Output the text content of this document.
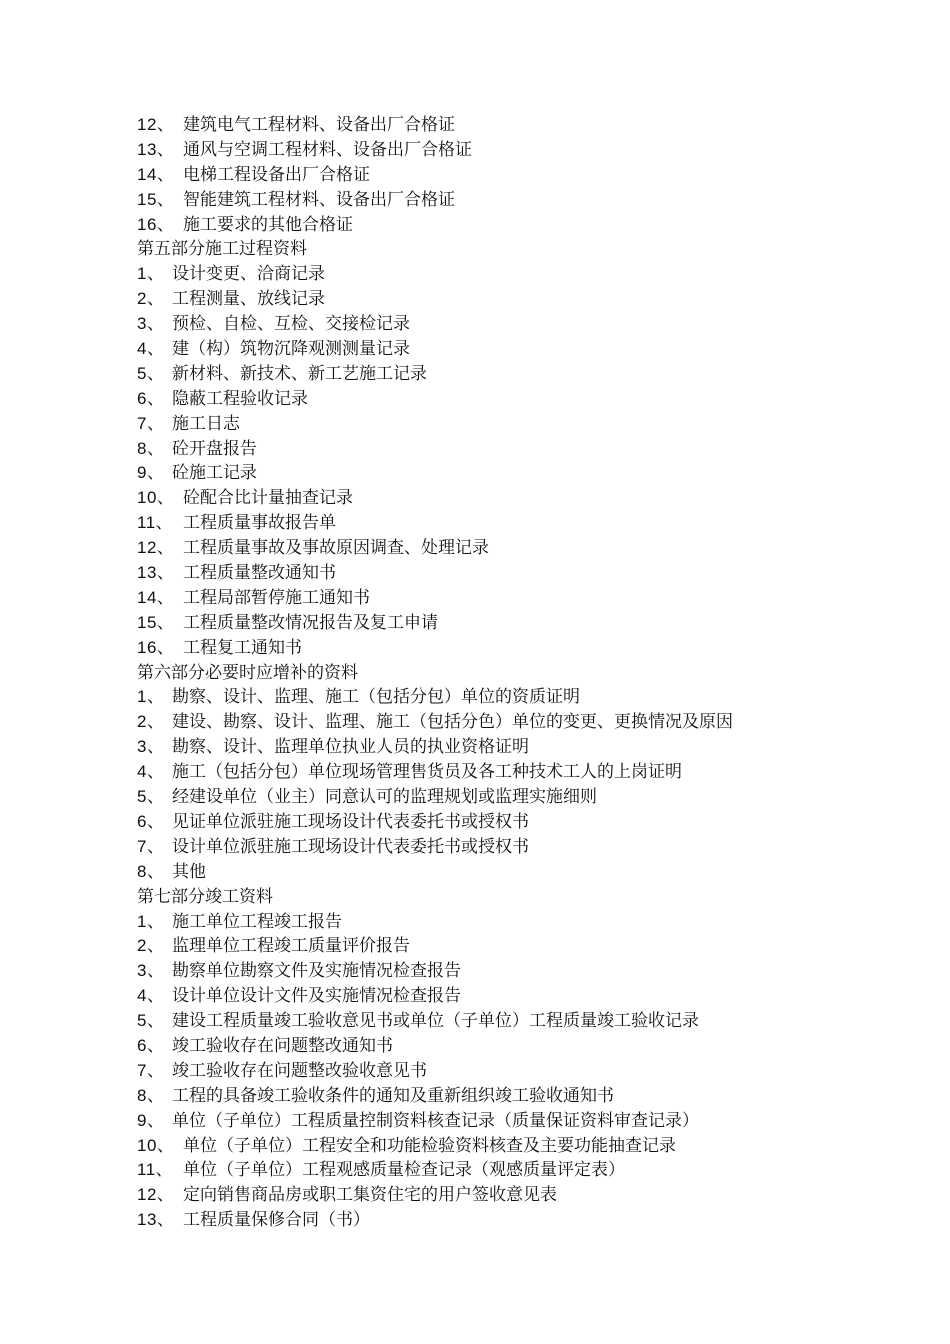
12、 建筑电气工程材料、设备出厂合格证
13、 通风与空调工程材料、设备出厂合格证
14、 电梯工程设备出厂合格证
15、 智能建筑工程材料、设备出厂合格证
16、 施工要求的其他合格证
第五部分施工过程资料
1、 设计变更、洽商记录
2、 工程测量、放线记录
3、 预检、自检、互检、交接检记录
4、 建（构）筑物沉降观测测量记录
5、 新材料、新技术、新工艺施工记录
6、 隐蔽工程验收记录
7、 施工日志
8、 砼开盘报告
9、 砼施工记录
10、 砼配合比计量抽查记录
11、 工程质量事故报告单
12、 工程质量事故及事故原因调查、处理记录
13、 工程质量整改通知书
14、 工程局部暂停施工通知书
15、 工程质量整改情况报告及复工申请
16、 工程复工通知书
第六部分必要时应增补的资料
1、 勘察、设计、监理、施工（包括分包）单位的资质证明
2、 建设、勘察、设计、监理、施工（包括分色）单位的变更、更换情况及原因
3、 勘察、设计、监理单位执业人员的执业资格证明
4、 施工（包括分包）单位现场管理售货员及各工种技术工人的上岗证明
5、 经建设单位（业主）同意认可的监理规划或监理实施细则
6、 见证单位派驻施工现场设计代表委托书或授权书
7、 设计单位派驻施工现场设计代表委托书或授权书
8、 其他
第七部分竣工资料
1、 施工单位工程竣工报告
2、 监理单位工程竣工质量评价报告
3、 勘察单位勘察文件及实施情况检查报告
4、 设计单位设计文件及实施情况检查报告
5、 建设工程质量竣工验收意见书或单位（子单位）工程质量竣工验收记录
6、 竣工验收存在问题整改通知书
7、 竣工验收存在问题整改验收意见书
8、 工程的具备竣工验收条件的通知及重新组织竣工验收通知书
9、 单位（子单位）工程质量控制资料核查记录（质量保证资料审查记录）
10、 单位（子单位）工程安全和功能检验资料核查及主要功能抽查记录
11、 单位（子单位）工程观感质量检查记录（观感质量评定表）
12、 定向销售商品房或职工集资住宅的用户签收意见表
13、 工程质量保修合同（书）
